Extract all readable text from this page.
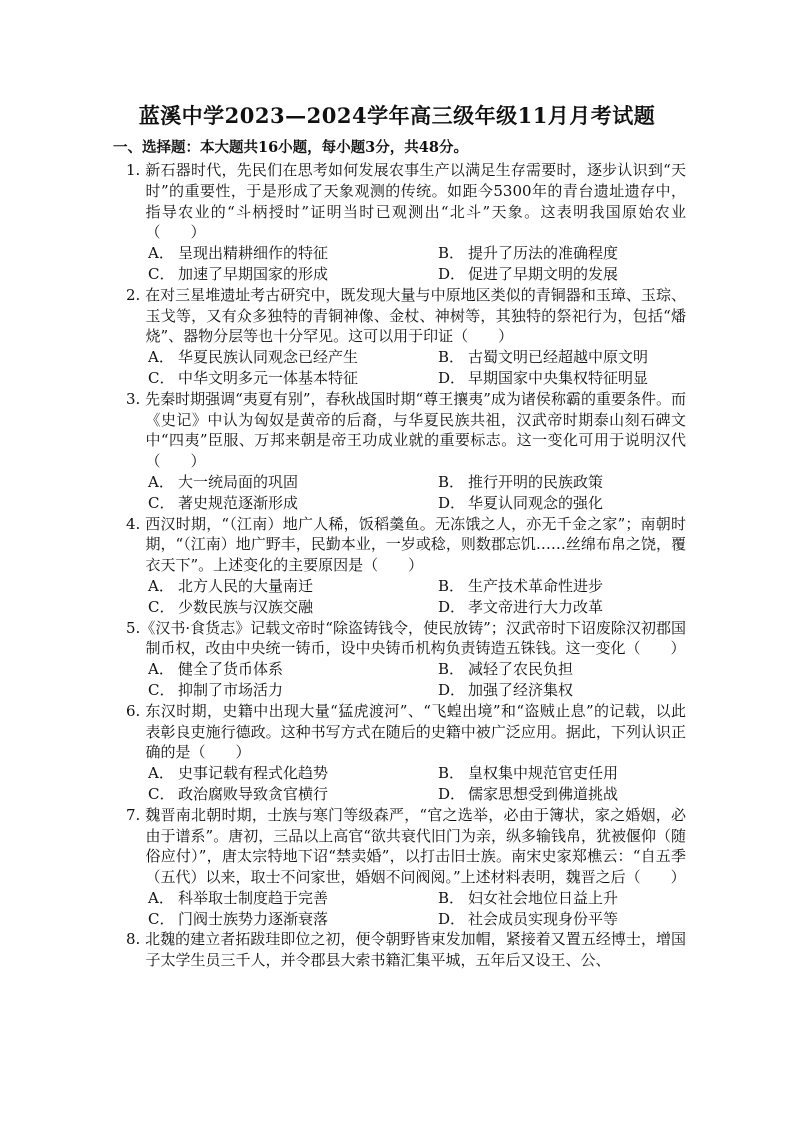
蓝溪中学2023—2024学年高三级年级11月月考试题
一、选择题：本大题共16小题，每小题3分，共48分。

1. 新石器时代，先民们在思考如何发展农事生产以满足生存需要时，逐步认识到“天时”的重要性，于是形成了天象观测的传统。如距今5300年的青台遗址遗存中，指导农业的“斗柄授时”证明当时已观测出“北斗”天象。这表明我国原始农业（　　）

A． 呈现出精耕细作的特征	B． 提升了历法的准确程度
C． 加速了早期国家的形成	D． 促进了早期文明的发展

2. 在对三星堆遗址考古研究中，既发现大量与中原地区类似的青铜器和玉璋、玉琮、玉戈等，又有众多独特的青铜神像、金杖、神树等，其独特的祭祀行为，包括“燔烧”、器物分层等也十分罕见。这可以用于印证（　　）

A． 华夏民族认同观念已经产生	B． 古蜀文明已经超越中原文明
C． 中华文明多元一体基本特征	D． 早期国家中央集权特征明显

3. 先秦时期强调“夷夏有别”，春秋战国时期“尊王攘夷”成为诸侯称霸的重要条件。而《史记》中认为匈奴是黄帝的后裔，与华夏民族共祖，汉武帝时期泰山刻石碑文中“四夷”臣服、万邦来朝是帝王功成业就的重要标志。这一变化可用于说明汉代（　　）

A． 大一统局面的巩固	B． 推行开明的民族政策
C． 著史规范逐渐形成	D． 华夏认同观念的强化

4. 西汉时期，“（江南）地广人稀，饭稻羹鱼。无冻饿之人，亦无千金之家”；南朝时期，“（江南）地广野丰，民勤本业，一岁或稔，则数郡忘饥……丝绵布帛之饶，覆衣天下”。上述变化的主要原因是（　　）

A． 北方人民的大量南迁	B． 生产技术革命性进步
C． 少数民族与汉族交融	D． 孝文帝进行大力改革

5.《汉书·食货志》记载文帝时“除盗铸钱令，使民放铸”；汉武帝时下诏废除汉初郡国制币权，改由中央统一铸币，设中央铸币机构负责铸造五铢钱。这一变化（　　）

A． 健全了货币体系	B． 减轻了农民负担
C． 抑制了市场活力	D． 加强了经济集权

6. 东汉时期，史籍中出现大量“猛虎渡河”、“飞蝗出境”和“盗贼止息”的记载，以此表彰良吏施行德政。这种书写方式在随后的史籍中被广泛应用。据此，下列认识正确的是（　　）

A． 史事记载有程式化趋势	B． 皇权集中规范官吏任用
C． 政治腐败导致贪官横行	D． 儒家思想受到佛道挑战

7. 魏晋南北朝时期，士族与寒门等级森严，“官之选举，必由于簿状，家之婚姻，必由于谱系”。唐初，三品以上高官“欲共衰代旧门为亲，纵多输钱帛，犹被偃仰（随俗应付）”，唐太宗特地下诏“禁卖婚”，以打击旧士族。南宋史家郑樵云：“自五季（五代）以来，取士不问家世，婚姻不问阀阅。”上述材料表明，魏晋之后（　　）

A． 科举取士制度趋于完善	B． 妇女社会地位日益上升
C． 门阀士族势力逐渐衰落	D． 社会成员实现身份平等

8. 北魏的建立者拓跋珪即位之初，便令朝野皆束发加帽，紧接着又置五经博士，增国子太学生员三千人，并令郡县大索书籍汇集平城，五年后又设王、公、
